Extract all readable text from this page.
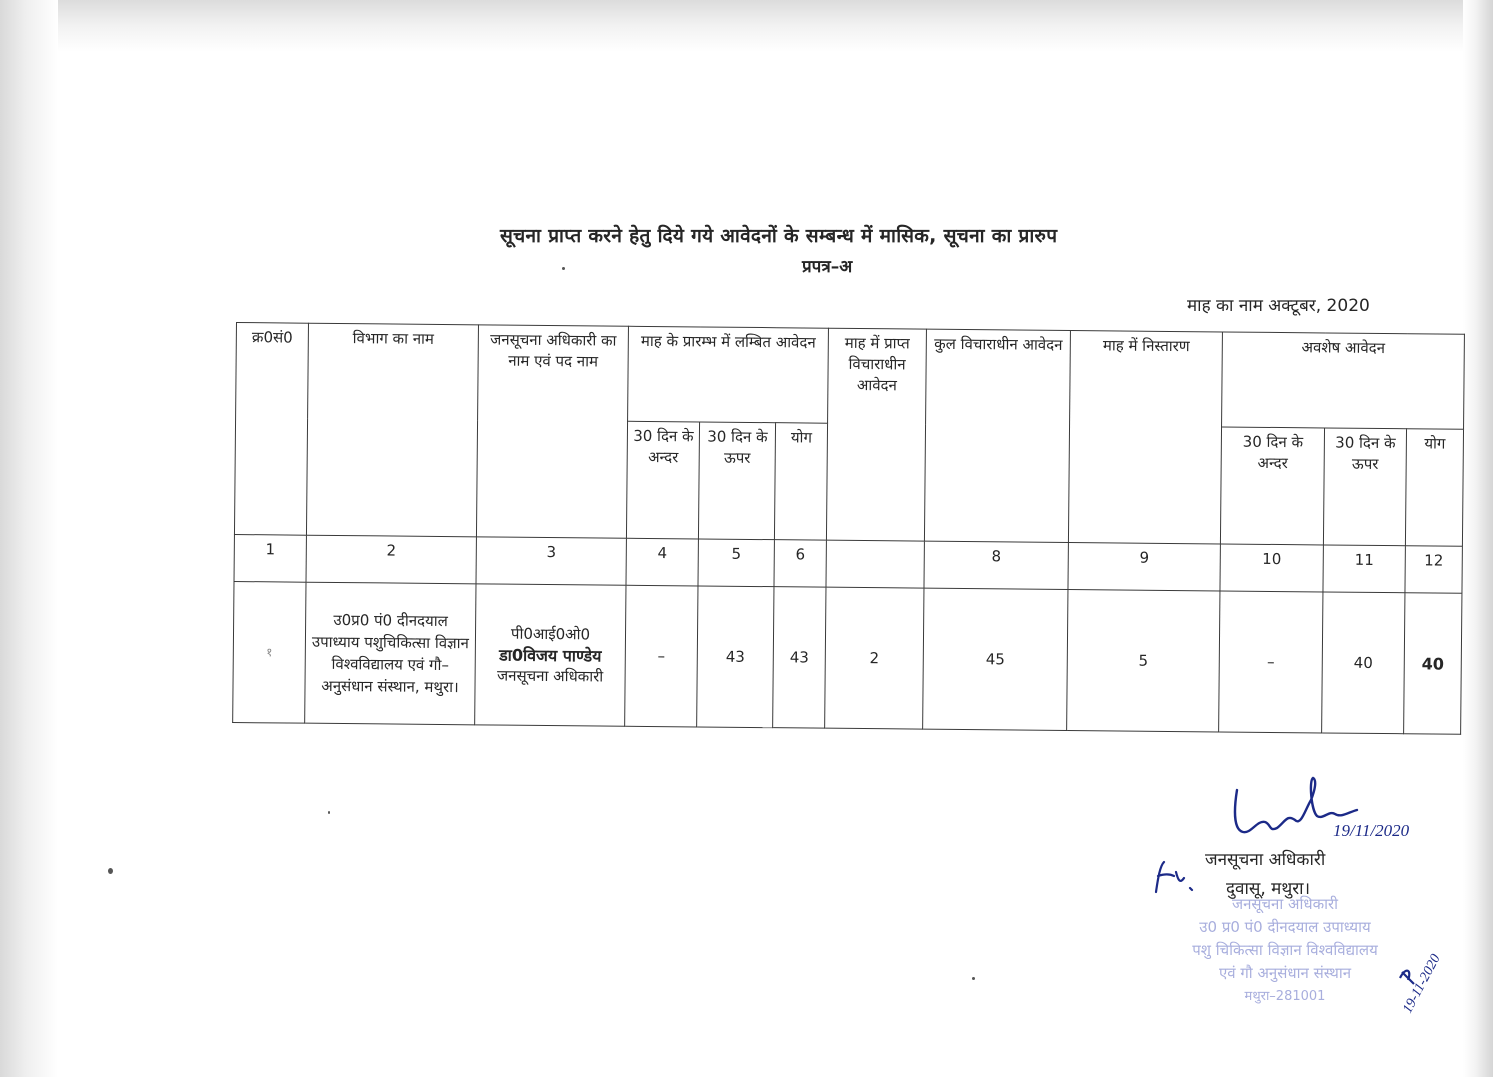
सूचना प्राप्त करने हेतु दिये गये आवेदनों के सम्बन्ध में मासिक, सूचना का प्रारुप
प्रपत्र–अ
माह का नाम अक्टूबर, 2020
क्र0सं0	विभाग का नाम	जनसूचना अधिकारी का नाम एवं पद नाम	माह के प्रारम्भ में लम्बित आवेदन			माह में प्राप्त विचाराधीन आवेदन	कुल विचाराधीन आवेदन	माह में निस्तारण	अवशेष आवेदन		
			30 दिन के अन्दर	30 दिन के ऊपर	योग				30 दिन के अन्दर	30 दिन के ऊपर	योग
1	2	3	4	5	6		8	9	10	11	12
१	उ0प्र0 पं0 दीनदयाल उपाध्याय पशुचिकित्सा विज्ञान विश्वविद्यालय एवं गौ–अनुसंधान संस्थान, मथुरा।	पी0आई0ओ0
डा0विजय पाण्डेय
जनसूचना अधिकारी	–	43	43	2	45	5	–	40	40
19/11/2020
जनसूचना अधिकारी
दुवासू, मथुरा।
जनसूचना अधिकारी
उ0 प्र0 पं0 दीनदयाल उपाध्याय
पशु चिकित्सा विज्ञान विश्वविद्यालय
एवं गौ अनुसंधान संस्थान
मथुरा–281001	19-11-2020
